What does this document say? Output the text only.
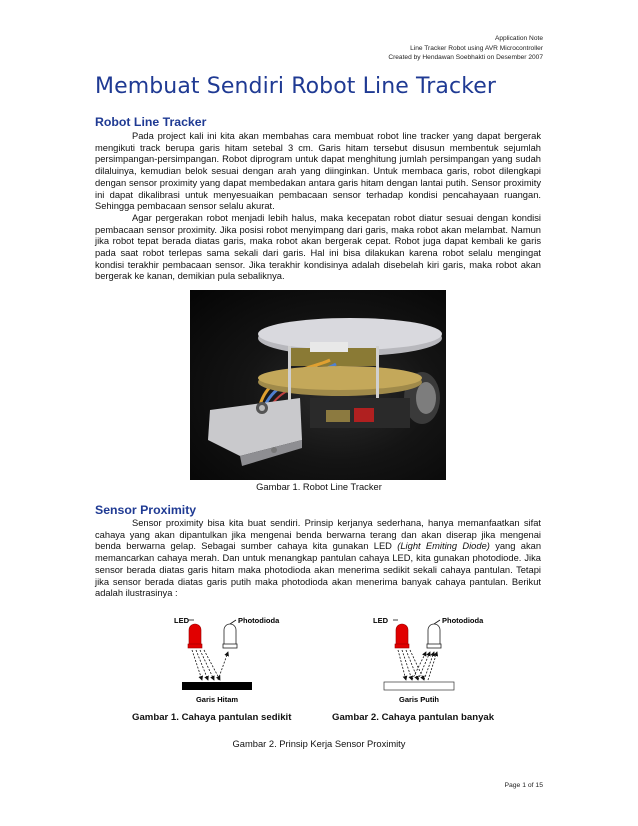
Application Note
Line Tracker Robot using AVR Microcontroller
Created by Hendawan Soebhakti on Desember 2007
Membuat Sendiri Robot Line Tracker
Robot Line Tracker

Pada project kali ini kita akan membahas cara membuat robot line tracker yang dapat bergerak mengikuti track berupa garis hitam setebal 3 cm. Garis hitam tersebut disusun membentuk sejumlah persimpangan-persimpangan. Robot diprogram untuk dapat menghitung jumlah persimpangan yang sudah dilaluinya, kemudian belok sesuai dengan arah yang diinginkan. Untuk membaca garis, robot dilengkapi dengan sensor proximity yang dapat membedakan antara garis hitam dengan lantai putih. Sensor proximity ini dapat dikalibrasi untuk menyesuaikan pembacaan sensor terhadap kondisi pencahayaan ruangan. Sehingga pembacaan sensor selalu akurat.

Agar pergerakan robot menjadi lebih halus, maka kecepatan robot diatur sesuai dengan kondisi pembacaan sensor proximity. Jika posisi robot menyimpang dari garis, maka robot akan melambat. Namun jika robot tepat berada diatas garis, maka robot akan bergerak cepat. Robot juga dapat kembali ke garis pada saat robot terlepas sama sekali dari garis. Hal ini bisa dilakukan karena robot selalu mengingat kondisi terakhir pembacaan sensor. Jika terakhir kondisinya adalah disebelah kiri garis, maka robot akan bergerak ke kanan, demikian pula sebaliknya.

Gambar 1. Robot Line Tracker
Sensor Proximity

Sensor proximity bisa kita buat sendiri. Prinsip kerjanya sederhana, hanya memanfaatkan sifat cahaya yang akan dipantulkan jika mengenai benda berwarna terang dan akan diserap jika mengenai benda berwarna gelap. Sebagai sumber cahaya kita gunakan LED (Light Emiting Diode) yang akan memancarkan cahaya merah. Dan untuk menangkap pantulan cahaya LED, kita gunakan photodiode. Jika sensor berada diatas garis hitam maka photodioda akan menerima sedikit sekali cahaya pantulan. Tetapi jika sensor berada diatas garis putih maka photodioda akan menerima banyak cahaya pantulan. Berikut adalah ilustrasinya :

LED	Photodioda
Garis Hitam
LED	Photodioda
Garis Putih
Gambar 1. Cahaya pantulan sedikit	Gambar 2. Cahaya pantulan banyak
Gambar 2. Prinsip Kerja Sensor Proximity
Page 1 of 15
